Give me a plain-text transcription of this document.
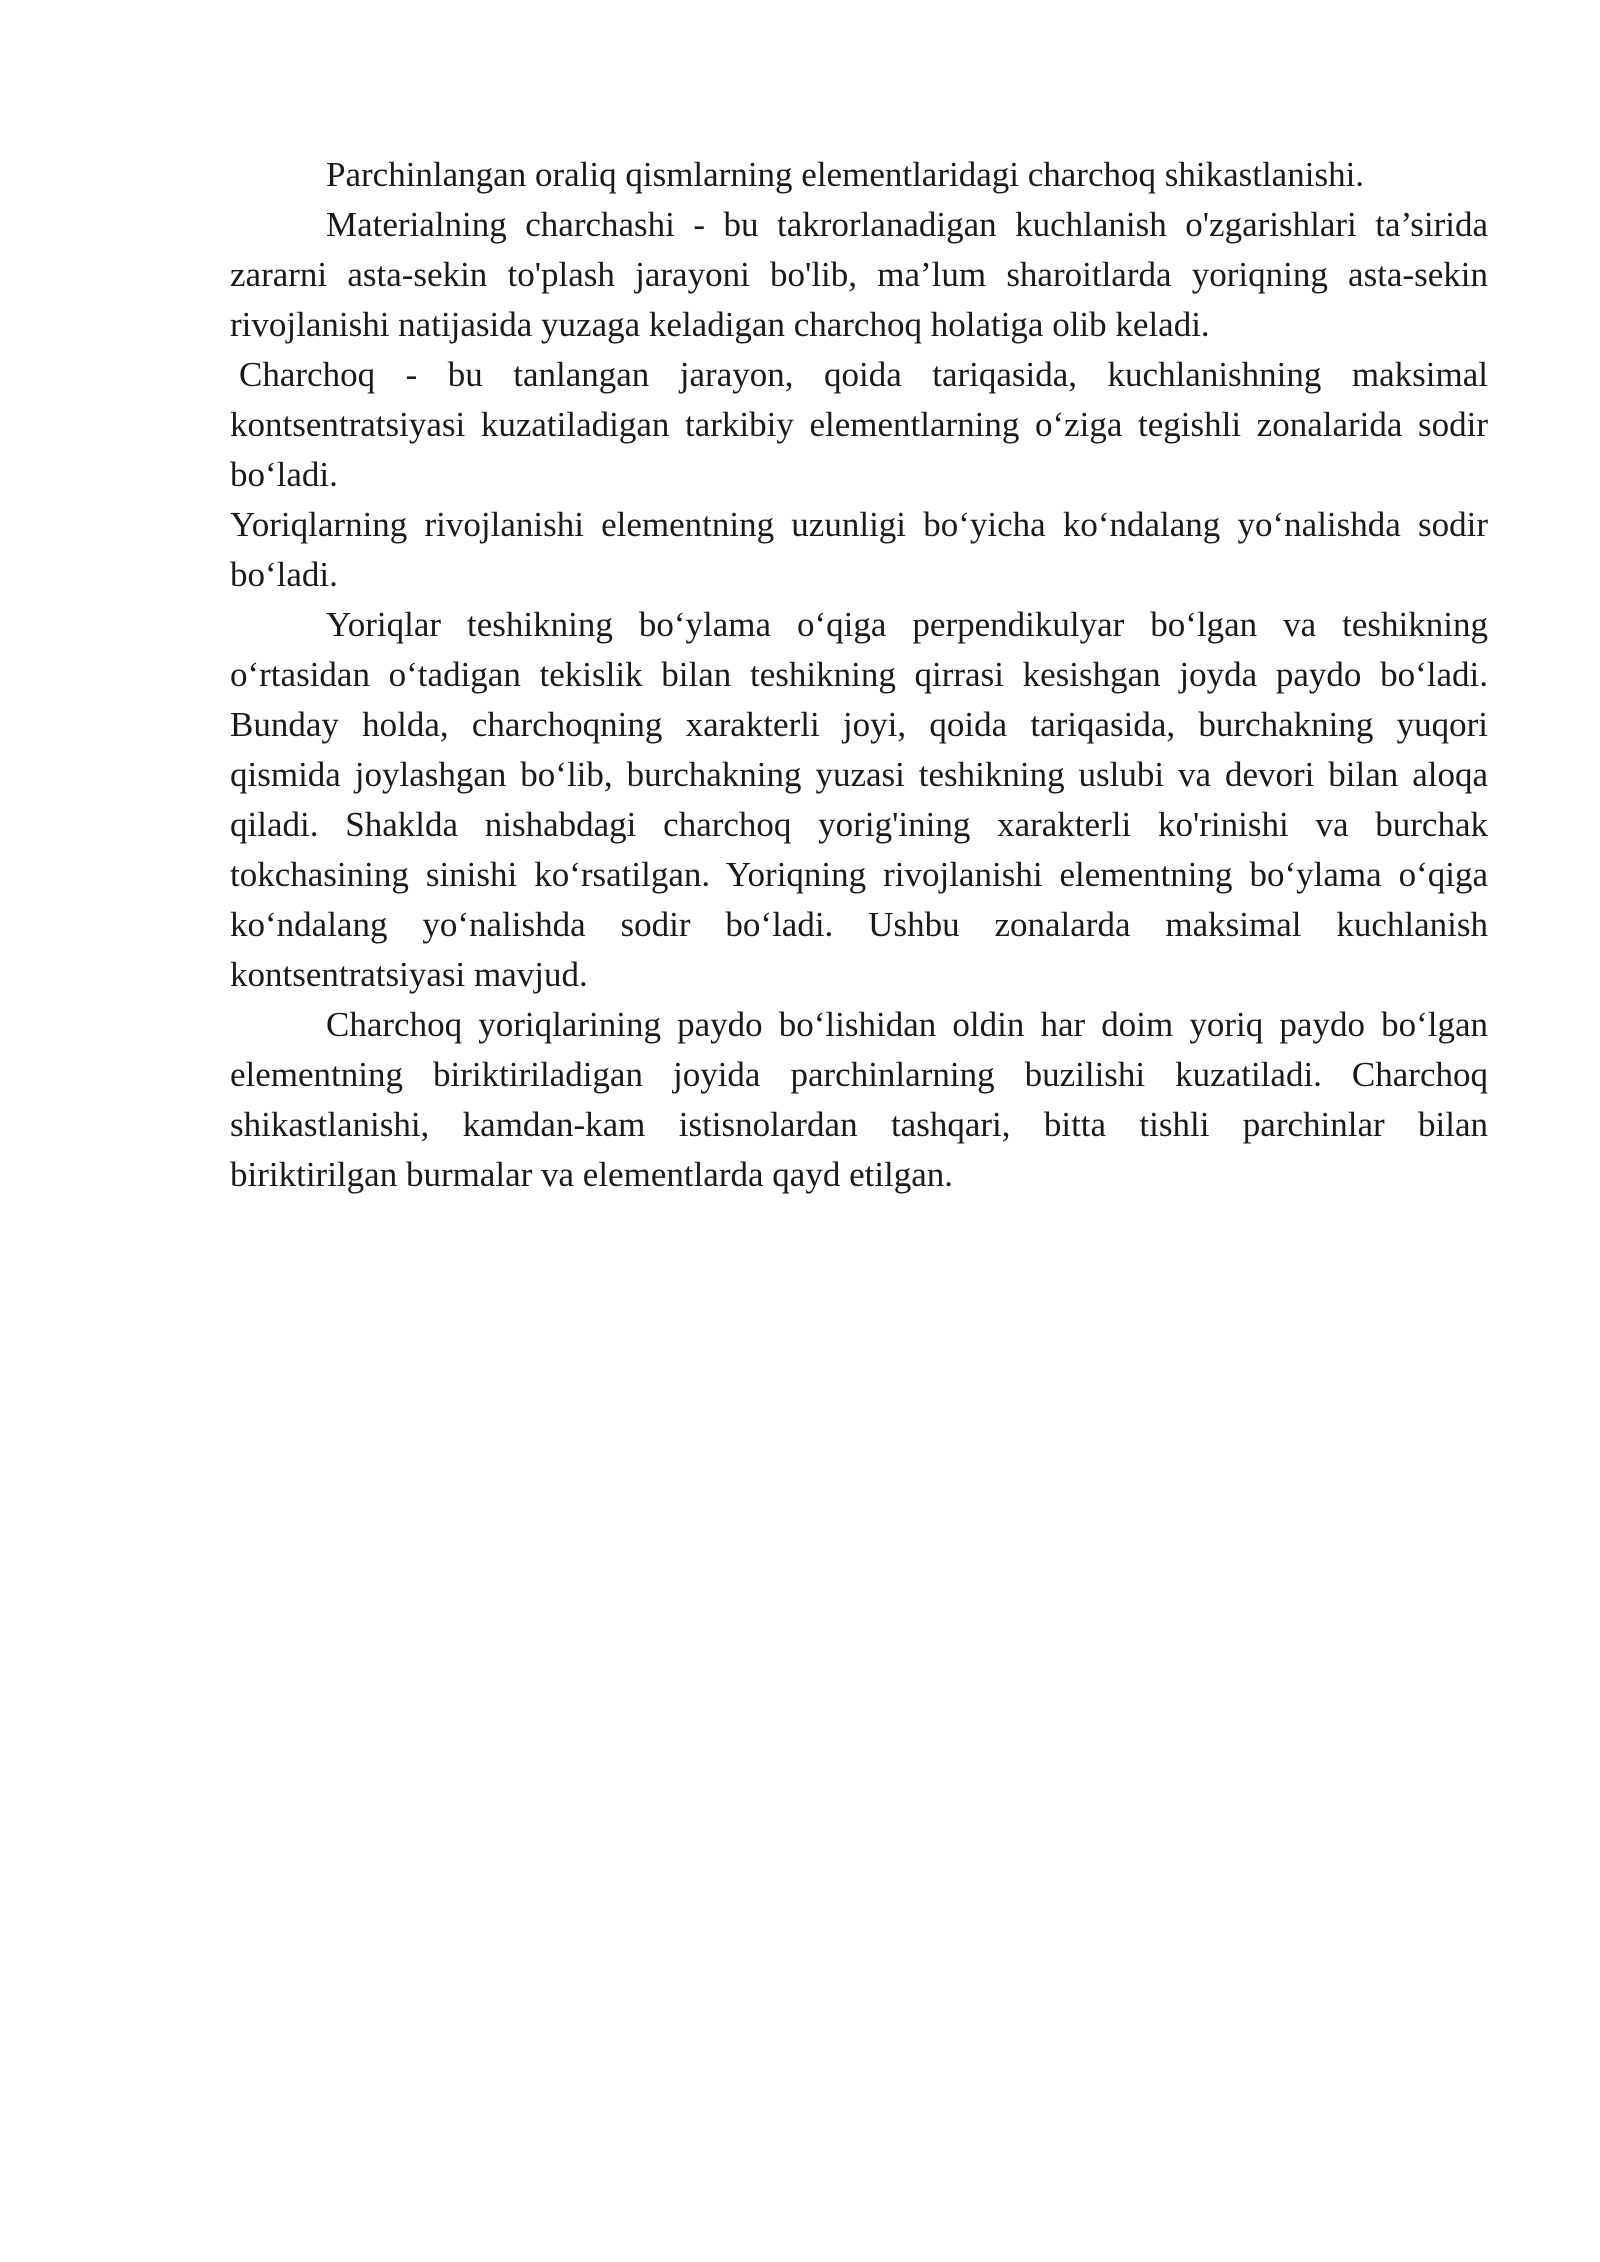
Parchinlangan oraliq qismlarning elementlaridagi charchoq shikastlanishi.

Materialning charchashi - bu takrorlanadigan kuchlanish o'zgarishlari ta’sirida zararni asta-sekin to'plash jarayoni bo'lib, ma’lum sharoitlarda yoriqning asta-sekin rivojlanishi natijasida yuzaga keladigan charchoq holatiga olib keladi.

Charchoq - bu tanlangan jarayon, qoida tariqasida, kuchlanishning maksimal kontsentratsiyasi kuzatiladigan tarkibiy elementlarning o‘ziga tegishli zonalarida sodir bo‘ladi.

Yoriqlarning rivojlanishi elementning uzunligi bo‘yicha ko‘ndalang yo‘nalishda sodir bo‘ladi.

Yoriqlar teshikning bo‘ylama o‘qiga perpendikulyar bo‘lgan va teshikning o‘rtasidan o‘tadigan tekislik bilan teshikning qirrasi kesishgan joyda paydo bo‘ladi. Bunday holda, charchoqning xarakterli joyi, qoida tariqasida, burchakning yuqori qismida joylashgan bo‘lib, burchakning yuzasi teshikning uslubi va devori bilan aloqa qiladi. Shaklda nishabdagi charchoq yorig'ining xarakterli ko'rinishi va burchak tokchasining sinishi ko‘rsatilgan. Yoriqning rivojlanishi elementning bo‘ylama o‘qiga ko‘ndalang yo‘nalishda sodir bo‘ladi. Ushbu zonalarda maksimal kuchlanish kontsentratsiyasi mavjud.

Charchoq yoriqlarining paydo bo‘lishidan oldin har doim yoriq paydo bo‘lgan elementning biriktiriladigan joyida parchinlarning buzilishi kuzatiladi. Charchoq shikastlanishi, kamdan-kam istisnolardan tashqari, bitta tishli parchinlar bilan biriktirilgan burmalar va elementlarda qayd etilgan.
